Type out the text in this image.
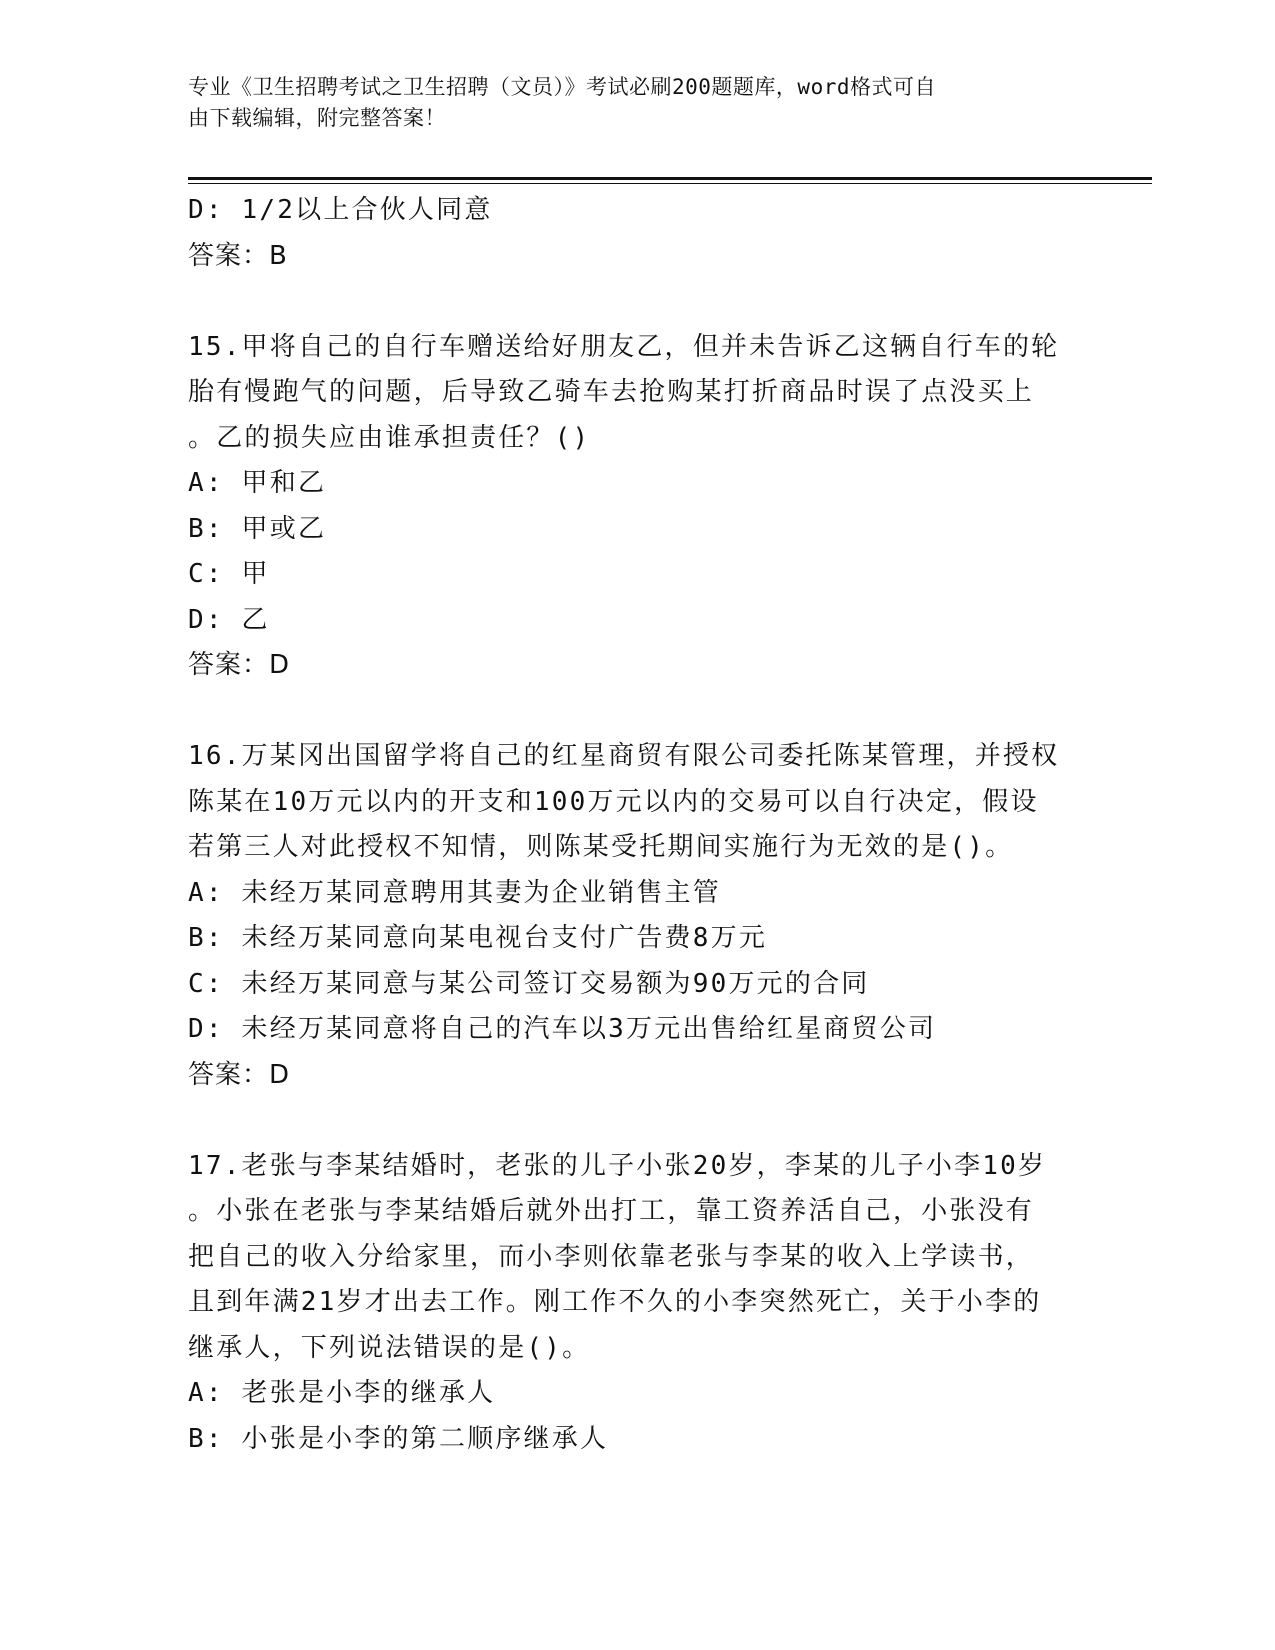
专业《卫生招聘考试之卫生招聘（文员）》考试必刷200题题库，word格式可自
由下载编辑，附完整答案！
D: 1/2以上合伙人同意
答案：B
15.甲将自己的自行车赠送给好朋友乙，但并未告诉乙这辆自行车的轮
胎有慢跑气的问题，后导致乙骑车去抢购某打折商品时误了点没买上
。乙的损失应由谁承担责任？()
A: 甲和乙
B: 甲或乙
C: 甲
D: 乙
答案：D
16.万某冈出国留学将自己的红星商贸有限公司委托陈某管理，并授权
陈某在10万元以内的开支和100万元以内的交易可以自行决定，假设
若第三人对此授权不知情，则陈某受托期间实施行为无效的是()。
A: 未经万某同意聘用其妻为企业销售主管
B: 未经万某同意向某电视台支付广告费8万元
C: 未经万某同意与某公司签订交易额为90万元的合同
D: 未经万某同意将自己的汽车以3万元出售给红星商贸公司
答案：D
17.老张与李某结婚时，老张的儿子小张20岁，李某的儿子小李10岁
。小张在老张与李某结婚后就外出打工，靠工资养活自己，小张没有
把自己的收入分给家里，而小李则依靠老张与李某的收入上学读书，
且到年满21岁才出去工作。刚工作不久的小李突然死亡，关于小李的
继承人，下列说法错误的是()。
A: 老张是小李的继承人
B: 小张是小李的第二顺序继承人
